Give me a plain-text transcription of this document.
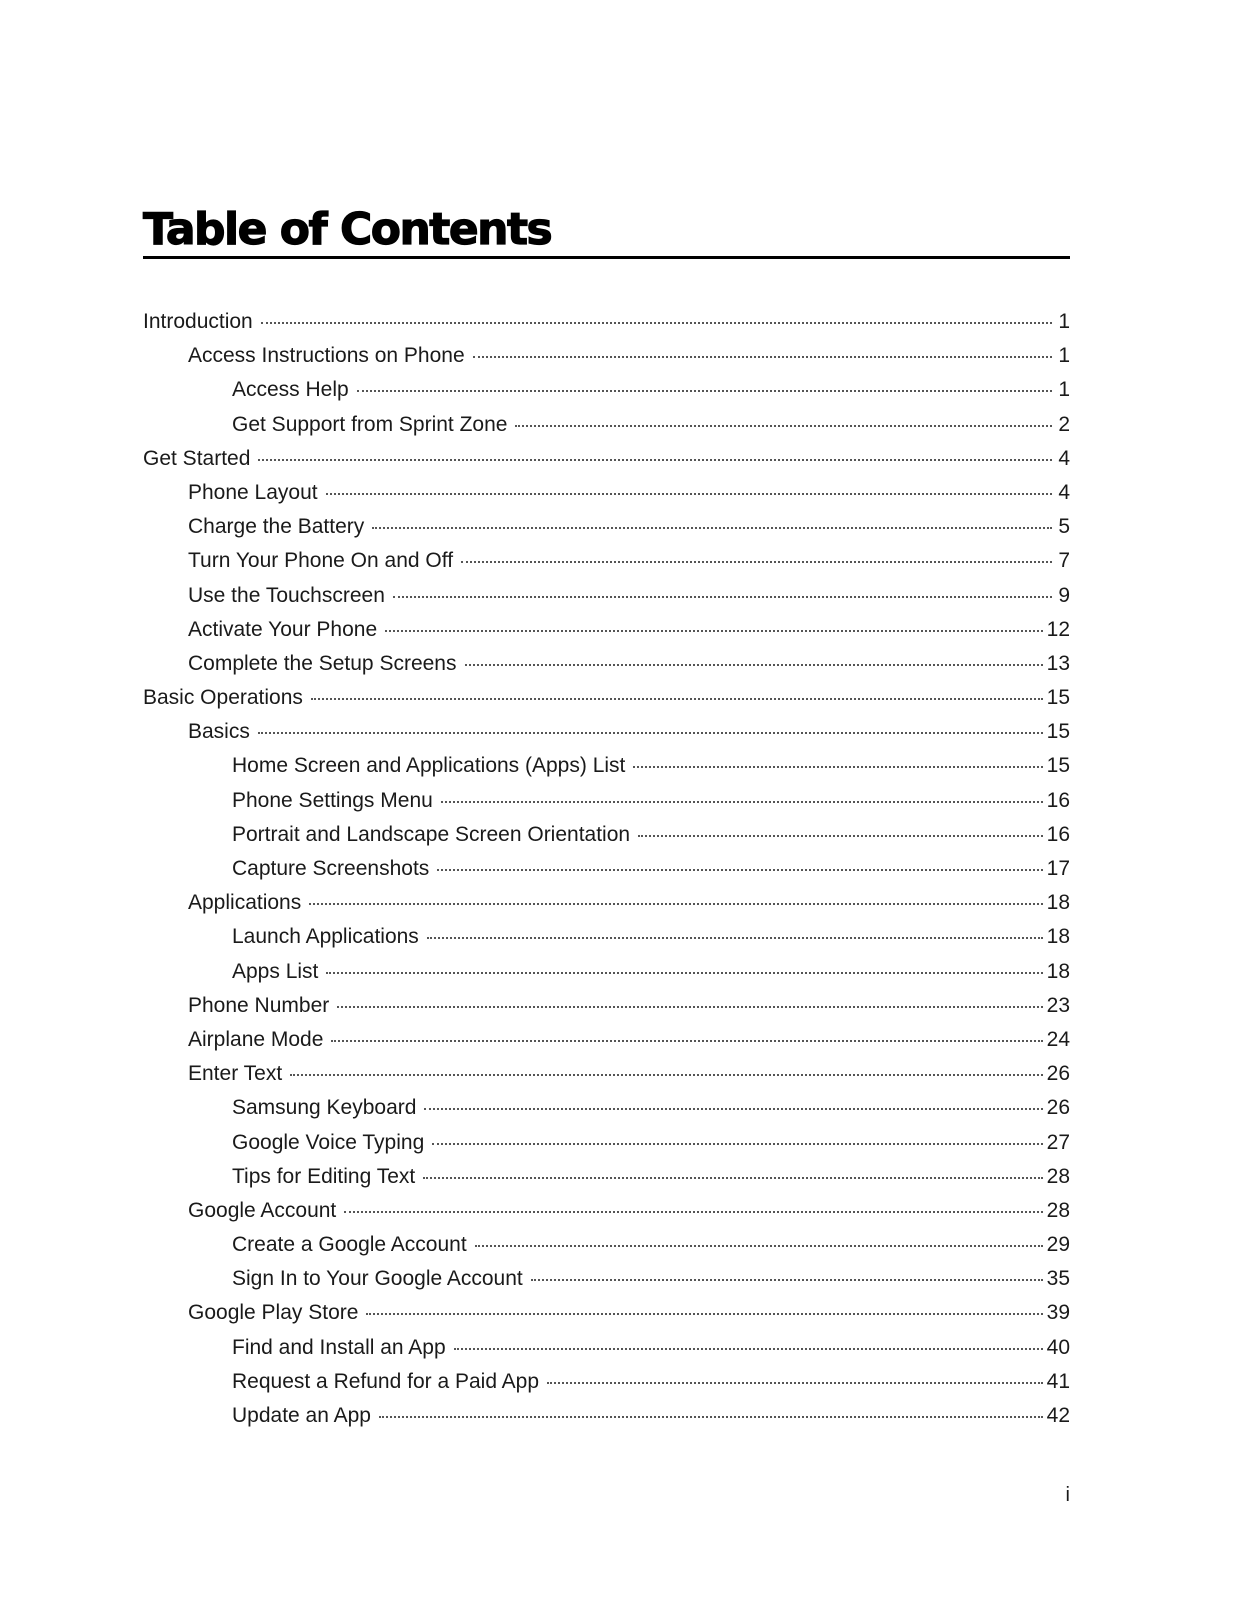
Table of Contents
Introduction	1
Access Instructions on Phone	1
Access Help	1
Get Support from Sprint Zone	2
Get Started	4
Phone Layout	4
Charge the Battery	5
Turn Your Phone On and Off	7
Use the Touchscreen	9
Activate Your Phone	12
Complete the Setup Screens	13
Basic Operations	15
Basics	15
Home Screen and Applications (Apps) List	15
Phone Settings Menu	16
Portrait and Landscape Screen Orientation	16
Capture Screenshots	17
Applications	18
Launch Applications	18
Apps List	18
Phone Number	23
Airplane Mode	24
Enter Text	26
Samsung Keyboard	26
Google Voice Typing	27
Tips for Editing Text	28
Google Account	28
Create a Google Account	29
Sign In to Your Google Account	35
Google Play Store	39
Find and Install an App	40
Request a Refund for a Paid App	41
Update an App	42
i
